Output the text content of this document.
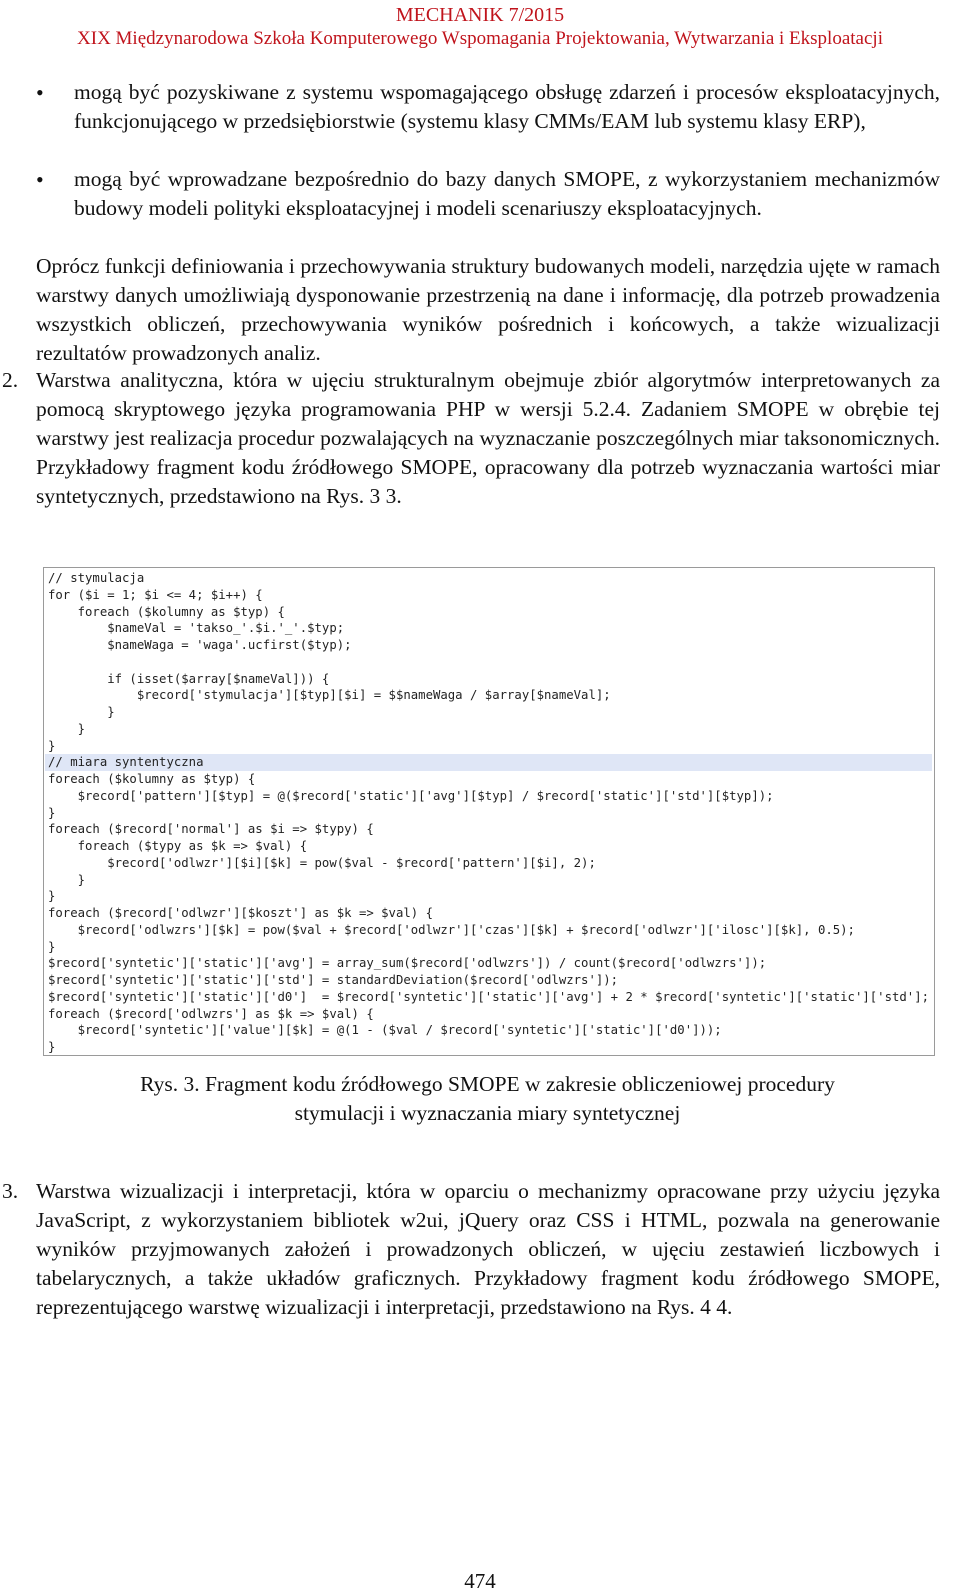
MECHANIK 7/2015
XIX Międzynarodowa Szkoła Komputerowego Wspomagania Projektowania, Wytwarzania i Eksploatacji
• mogą być pozyskiwane z systemu wspomagającego obsługę zdarzeń i procesów eksploatacyjnych, funkcjonującego w przedsiębiorstwie (systemu klasy CMMs/EAM lub systemu klasy ERP),
• mogą być wprowadzane bezpośrednio do bazy danych SMOPE, z wykorzystaniem mechanizmów budowy modeli polityki eksploatacyjnej i modeli scenariuszy eksploatacyjnych.
Oprócz funkcji definiowania i przechowywania struktury budowanych modeli, narzędzia ujęte w ramach warstwy danych umożliwiają dysponowanie przestrzenią na dane i informację, dla potrzeb prowadzenia wszystkich obliczeń, przechowywania wyników pośrednich i końcowych, a także wizualizacji rezultatów prowadzonych analiz.
2. Warstwa analityczna, która w ujęciu strukturalnym obejmuje zbiór algorytmów interpretowanych za pomocą skryptowego języka programowania PHP w wersji 5.2.4. Zadaniem SMOPE w obrębie tej warstwy jest realizacja procedur pozwalających na wyznaczanie poszczególnych miar taksonomicznych. Przykładowy fragment kodu źródłowego SMOPE, opracowany dla potrzeb wyznaczania wartości miar syntetycznych, przedstawiono na Rys. 3 3.
// stymulacja
for ($i = 1; $i <= 4; $i++) {
foreach ($kolumny as $typ) {
$nameVal = 'takso_'.$i.'_'.$typ;
$nameWaga = 'waga'.ucfirst($typ);
if (isset($array[$nameVal])) {
$record['stymulacja'][$typ][$i] = $$nameWaga / $array[$nameVal];
}
}
}
// miara syntentyczna
foreach ($kolumny as $typ) {
$record['pattern'][$typ] = @($record['static']['avg'][$typ] / $record['static']['std'][$typ]);
}
foreach ($record['normal'] as $i => $typy) {
foreach ($typy as $k => $val) {
$record['odlwzr'][$i][$k] = pow($val - $record['pattern'][$i], 2);
}
}
foreach ($record['odlwzr'][$koszt'] as $k => $val) {
$record['odlwzrs'][$k] = pow($val + $record['odlwzr']['czas'][$k] + $record['odlwzr']['ilosc'][$k], 0.5);
}
$record['syntetic']['static']['avg'] = array_sum($record['odlwzrs']) / count($record['odlwzrs']);
$record['syntetic']['static']['std'] = standardDeviation($record['odlwzrs']);
$record['syntetic']['static']['d0']  = $record['syntetic']['static']['avg'] + 2 * $record['syntetic']['static']['std'];
foreach ($record['odlwzrs'] as $k => $val) {
$record['syntetic']['value'][$k] = @(1 - ($val / $record['syntetic']['static']['d0']));
}
Rys. 3. Fragment kodu źródłowego SMOPE w zakresie obliczeniowej procedury
stymulacji i wyznaczania miary syntetycznej
3. Warstwa wizualizacji i interpretacji, która w oparciu o mechanizmy opracowane przy użyciu języka JavaScript, z wykorzystaniem bibliotek w2ui, jQuery oraz CSS i HTML, pozwala na generowanie wyników przyjmowanych założeń i prowadzonych obliczeń, w ujęciu zestawień liczbowych i tabelarycznych, a także układów graficznych. Przykładowy fragment kodu źródłowego SMOPE, reprezentującego warstwę wizualizacji i interpretacji, przedstawiono na Rys. 4 4.
474
